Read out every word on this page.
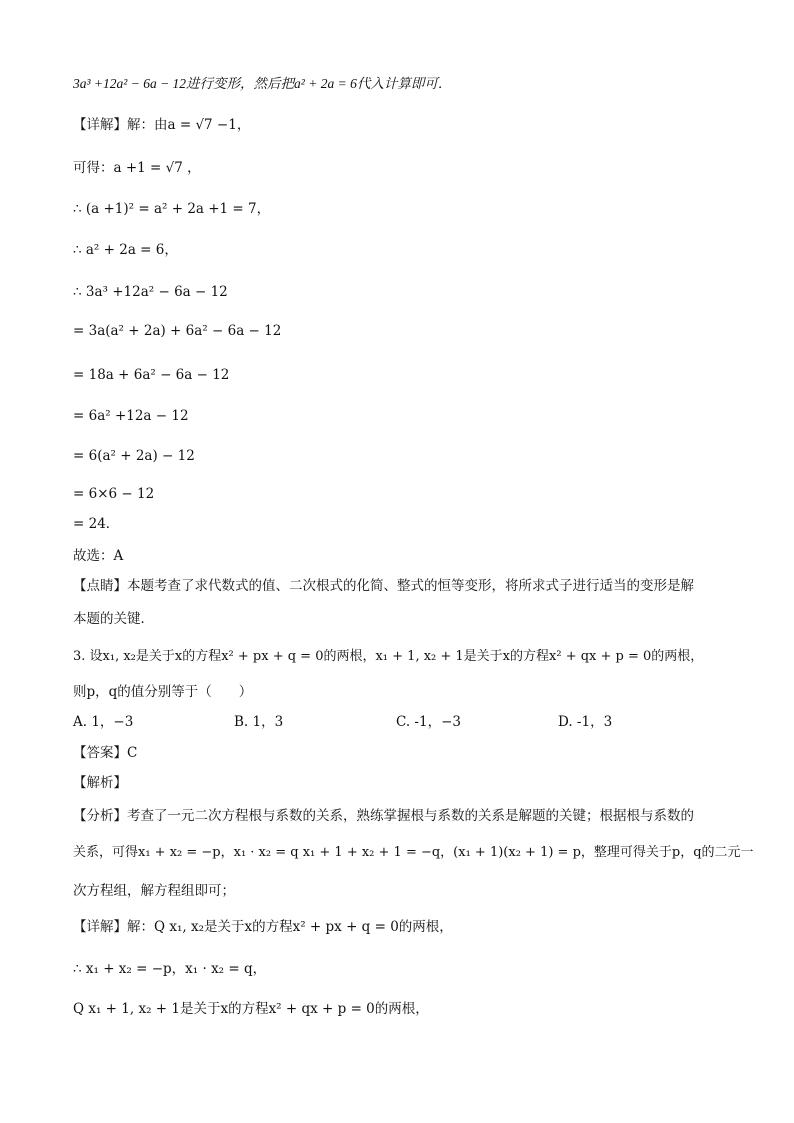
3a³ +12a² − 6a − 12进行变形，然后把a² + 2a = 6代入计算即可．
【详解】解：由a = √7 −1，
可得：a +1 = √7 ，
∴ (a +1)² = a² + 2a +1 = 7，
∴ a² + 2a = 6，
∴ 3a³ +12a² − 6a − 12
= 3a(a² + 2a) + 6a² − 6a − 12
= 18a + 6a² − 6a − 12
= 6a² +12a − 12
= 6(a² + 2a) − 12
= 6×6 − 12
= 24．
故选：A
【点睛】本题考查了求代数式的值、二次根式的化简、整式的恒等变形，将所求式子进行适当的变形是解
本题的关键．
3. 设x₁, x₂是关于x的方程x² + px + q = 0的两根，x₁ + 1, x₂ + 1是关于x的方程x² + qx + p = 0的两根，
则p，q的值分别等于（　　）
A. 1，−3	B. 1，3	C. -1，−3	D. -1，3
【答案】C
【解析】
【分析】考查了一元二次方程根与系数的关系，熟练掌握根与系数的关系是解题的关键；根据根与系数的
关系，可得x₁ + x₂ = −p，x₁ · x₂ = q x₁ + 1 + x₂ + 1 = −q，(x₁ + 1)(x₂ + 1) = p，整理可得关于p，q的二元一
次方程组，解方程组即可；
【详解】解：Q x₁, x₂是关于x的方程x² + px + q = 0的两根，
∴ x₁ + x₂ = −p，x₁ · x₂ = q，
Q x₁ + 1, x₂ + 1是关于x的方程x² + qx + p = 0的两根，
